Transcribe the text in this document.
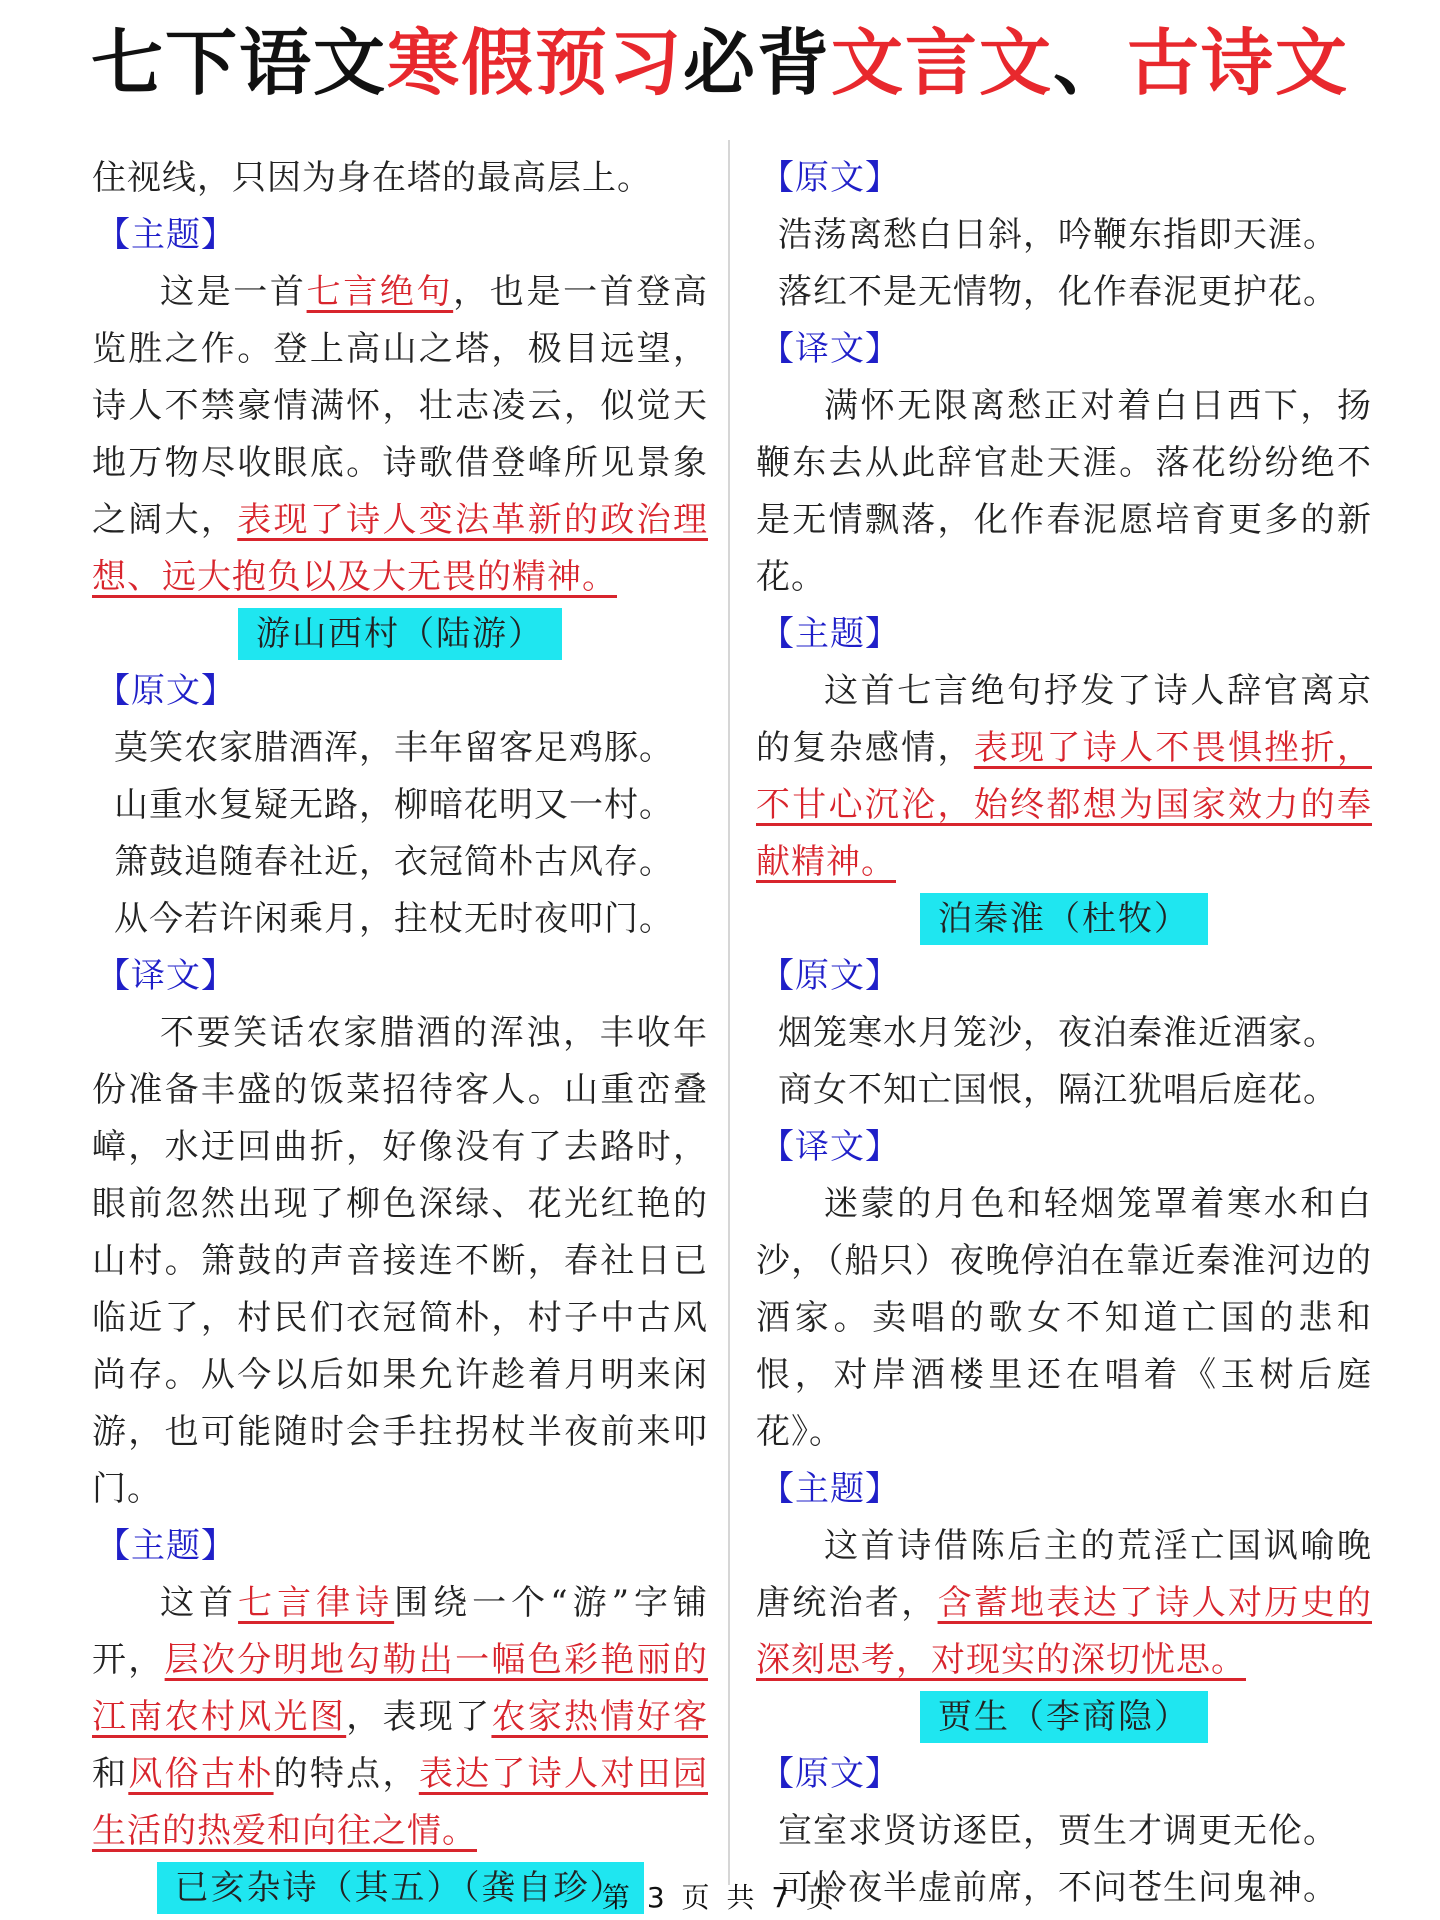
七下语文寒假预习必背文言文、古诗文

住视线，只因为身在塔的最高层上。

【主题】

这是一首七言绝句，也是一首登高览胜之作。登上高山之塔，极目远望，诗人不禁豪情满怀，壮志凌云，似觉天地万物尽收眼底。诗歌借登峰所见景象之阔大，表现了诗人变法革新的政治理想、远大抱负以及大无畏的精神。

游山西村（陆游）
【原文】
莫笑农家腊酒浑，丰年留客足鸡豚。
山重水复疑无路，柳暗花明又一村。
箫鼓追随春社近，衣冠简朴古风存。
从今若许闲乘月，拄杖无时夜叩门。
【译文】

不要笑话农家腊酒的浑浊，丰收年份准备丰盛的饭菜招待客人。山重峦叠嶂，水迂回曲折，好像没有了去路时，眼前忽然出现了柳色深绿、花光红艳的山村。箫鼓的声音接连不断，春社日已临近了，村民们衣冠简朴，村子中古风尚存。从今以后如果允许趁着月明来闲游，也可能随时会手拄拐杖半夜前来叩门。

【主题】

这首七言律诗围绕一个“游”字铺开，层次分明地勾勒出一幅色彩艳丽的江南农村风光图，表现了农家热情好客和风俗古朴的特点，表达了诗人对田园生活的热爱和向往之情。

已亥杂诗（其五）（龚自珍）
【原文】
浩荡离愁白日斜，吟鞭东指即天涯。
落红不是无情物，化作春泥更护花。
【译文】

满怀无限离愁正对着白日西下，扬鞭东去从此辞官赴天涯。落花纷纷绝不是无情飘落，化作春泥愿培育更多的新花。

【主题】

这首七言绝句抒发了诗人辞官离京的复杂感情，表现了诗人不畏惧挫折，不甘心沉沦，始终都想为国家效力的奉献精神。

泊秦淮（杜牧）
【原文】
烟笼寒水月笼沙，夜泊秦淮近酒家。
商女不知亡国恨，隔江犹唱后庭花。
【译文】

迷蒙的月色和轻烟笼罩着寒水和白沙，（船只）夜晚停泊在靠近秦淮河边的酒家。卖唱的歌女不知道亡国的悲和恨，对岸酒楼里还在唱着《玉树后庭花》。

【主题】

这首诗借陈后主的荒淫亡国讽喻晚唐统治者，含蓄地表达了诗人对历史的深刻思考，对现实的深切忧思。

贾生（李商隐）
【原文】
宣室求贤访逐臣，贾生才调更无伦。
可怜夜半虚前席，不问苍生问鬼神。
第 3 页 共 7 页
